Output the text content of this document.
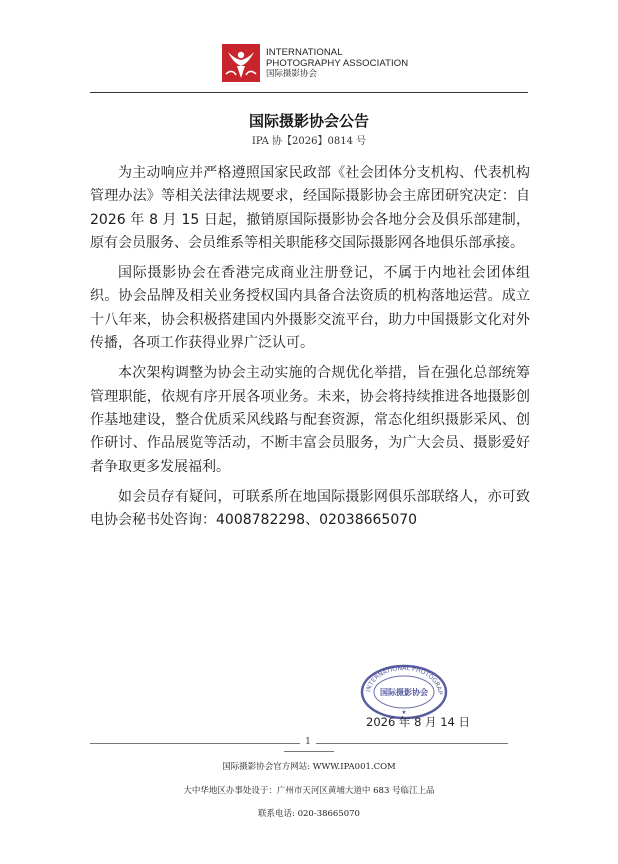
INTERNATIONAL
PHOTOGRAPHY ASSOCIATION
国际摄影协会
国际摄影协会公告
IPA 协【2026】0814 号

为主动响应并严格遵照国家民政部《社会团体分支机构、代表机构管理办法》等相关法律法规要求，经国际摄影协会主席团研究决定：自 2026 年 8 月 15 日起，撤销原国际摄影协会各地分会及俱乐部建制，原有会员服务、会员维系等相关职能移交国际摄影网各地俱乐部承接。

国际摄影协会在香港完成商业注册登记，不属于内地社会团体组织。协会品牌及相关业务授权国内具备合法资质的机构落地运营。成立十八年来，协会积极搭建国内外摄影交流平台，助力中国摄影文化对外传播，各项工作获得业界广泛认可。

本次架构调整为协会主动实施的合规优化举措，旨在强化总部统筹管理职能，依规有序开展各项业务。未来，协会将持续推进各地摄影创作基地建设，整合优质采风线路与配套资源，常态化组织摄影采风、创作研讨、作品展览等活动，不断丰富会员服务，为广大会员、摄影爱好者争取更多发展福利。

如会员存有疑问，可联系所在地国际摄影网俱乐部联络人，亦可致电协会秘书处咨询：4008782298、02038665070

INTERNATIONAL PHOTOGRAP
国际摄影协会
★
2026 年 8 月 14 日
1
国际摄影协会官方网站: WWW.IPA001.COM
大中华地区办事处设于：广州市天河区黄埔大道中 683 号临江上品
联系电话: 020-38665070
